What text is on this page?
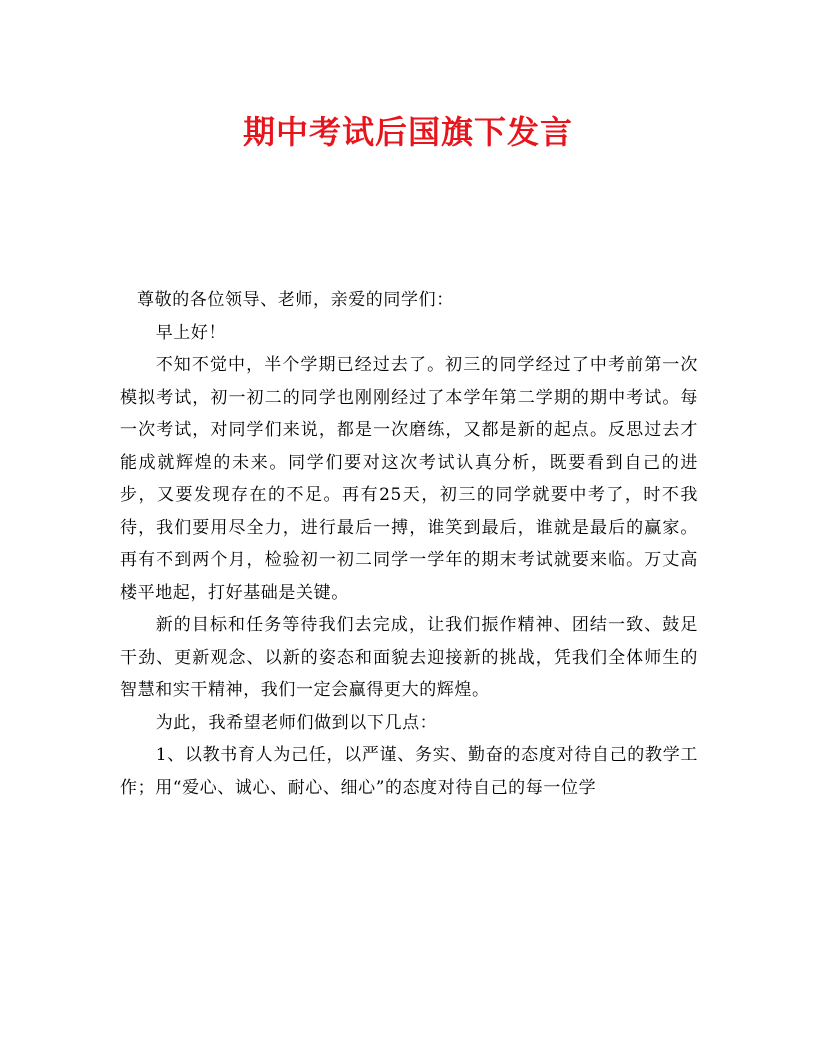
期中考试后国旗下发言

尊敬的各位领导、老师，亲爱的同学们：

早上好！

不知不觉中，半个学期已经过去了。初三的同学经过了中考前第一次模拟考试，初一初二的同学也刚刚经过了本学年第二学期的期中考试。每一次考试，对同学们来说，都是一次磨练，又都是新的起点。反思过去才能成就辉煌的未来。同学们要对这次考试认真分析，既要看到自己的进步，又要发现存在的不足。再有25天，初三的同学就要中考了，时不我待，我们要用尽全力，进行最后一搏，谁笑到最后，谁就是最后的赢家。再有不到两个月，检验初一初二同学一学年的期末考试就要来临。万丈高楼平地起，打好基础是关键。

新的目标和任务等待我们去完成，让我们振作精神、团结一致、鼓足干劲、更新观念、以新的姿态和面貌去迎接新的挑战，凭我们全体师生的智慧和实干精神，我们一定会赢得更大的辉煌。

为此，我希望老师们做到以下几点：

1、以教书育人为己任，以严谨、务实、勤奋的态度对待自己的教学工作；用“爱心、诚心、耐心、细心”的态度对待自己的每一位学
